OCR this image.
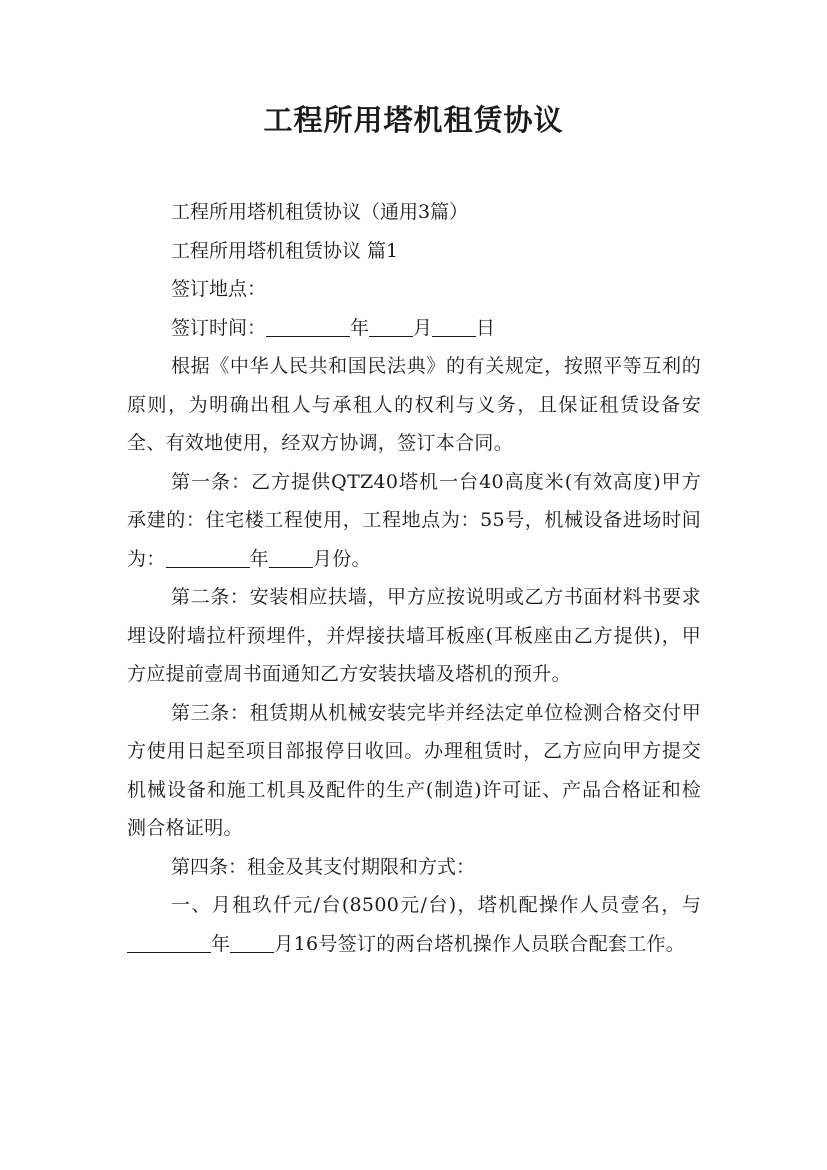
工程所用塔机租赁协议

工程所用塔机租赁协议（通用3篇）

工程所用塔机租赁协议 篇1

签订地点：

签订时间：	年 月 日

根据《中华人民共和国民法典》的有关规定，按照平等互利的原则，为明确出租人与承租人的权利与义务，且保证租赁设备安全、有效地使用，经双方协调，签订本合同。

第一条：乙方提供QTZ40塔机一台40高度米(有效高度)甲方承建的：住宅楼工程使用，工程地点为：55号，机械设备进场时间为：	年 月份。

第二条：安装相应扶墙，甲方应按说明或乙方书面材料书要求埋设附墙拉杆预埋件，并焊接扶墙耳板座(耳板座由乙方提供)，甲方应提前壹周书面通知乙方安装扶墙及塔机的预升。

第三条：租赁期从机械安装完毕并经法定单位检测合格交付甲方使用日起至项目部报停日收回。办理租赁时，乙方应向甲方提交机械设备和施工机具及配件的生产(制造)许可证、产品合格证和检测合格证明。

第四条：租金及其支付期限和方式：

一、月租玖仟元/台(8500元/台)，塔机配操作人员壹名，与年 月16号签订的两台塔机操作人员联合配套工作。
